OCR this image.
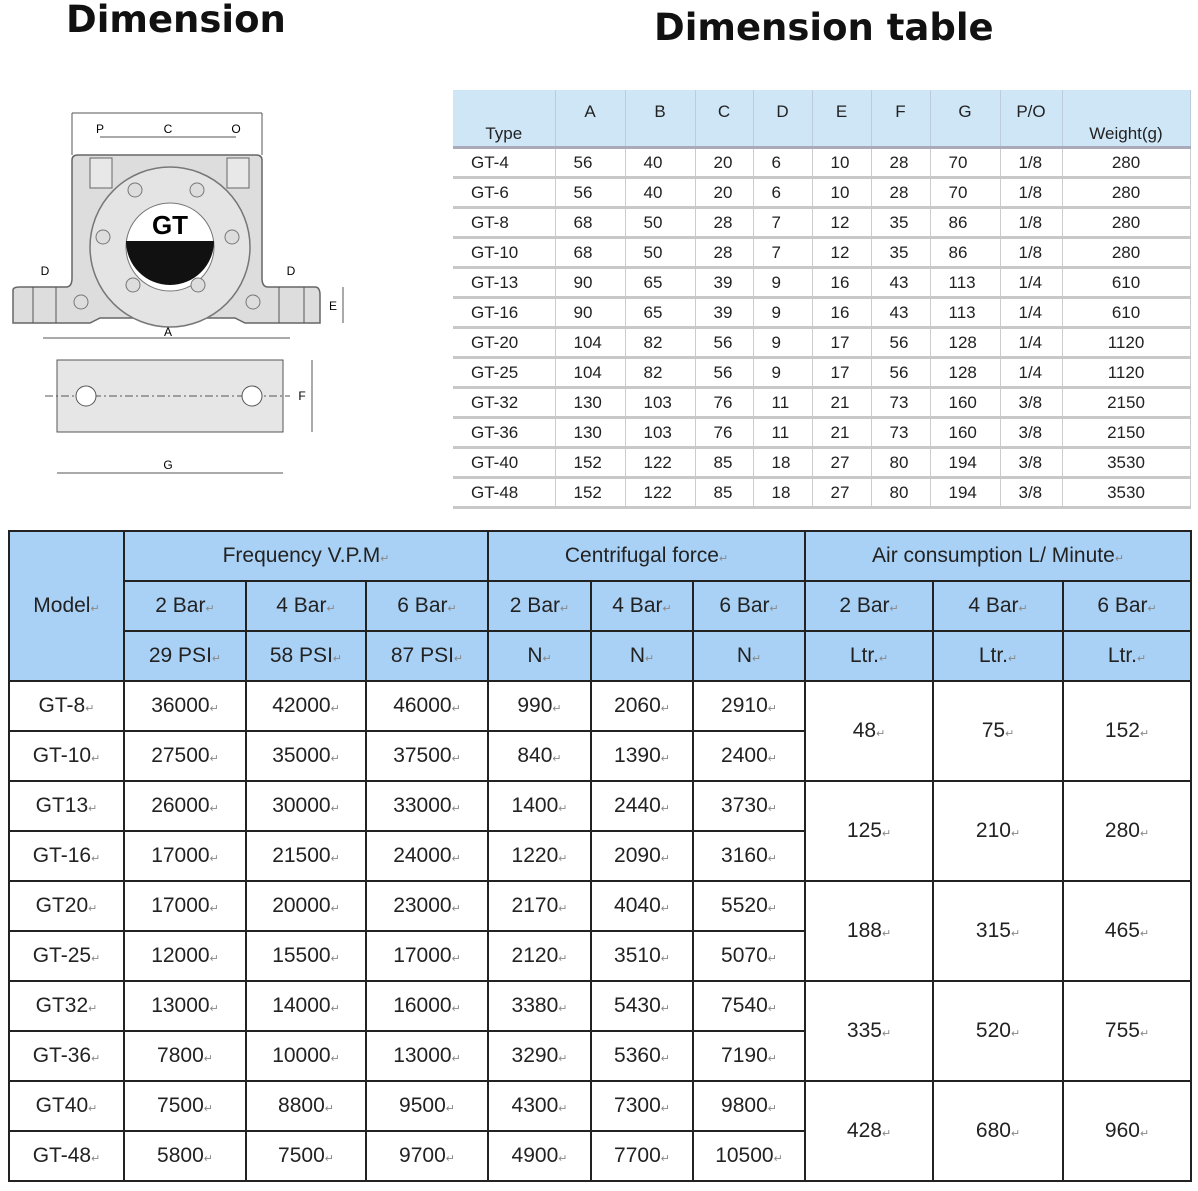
Dimension	Dimension table
GT
P	C	O
D	D
E
A
F
G
Type	A	B	C	D	E	F	G	P/O	Weight(g)
GT-4	56	40	20	6	10	28	70	1/8	280
GT-6	56	40	20	6	10	28	70	1/8	280
GT-8	68	50	28	7	12	35	86	1/8	280
GT-10	68	50	28	7	12	35	86	1/8	280
GT-13	90	65	39	9	16	43	113	1/4	610
GT-16	90	65	39	9	16	43	113	1/4	610
GT-20	104	82	56	9	17	56	128	1/4	1120
GT-25	104	82	56	9	17	56	128	1/4	1120
GT-32	130	103	76	11	21	73	160	3/8	2150
GT-36	130	103	76	11	21	73	160	3/8	2150
GT-40	152	122	85	18	27	80	194	3/8	3530
GT-48	152	122	85	18	27	80	194	3/8	3530
Model ↵	Frequency V.P.M ↵			Centrifugal force ↵			Air consumption L/ Minute ↵
	2 Bar ↵	4 Bar ↵	6 Bar ↵	2 Bar ↵	4 Bar ↵	6 Bar ↵	2 Bar ↵	4 Bar ↵	6 Bar ↵
	29 PSI ↵	58 PSI ↵	87 PSI ↵	N ↵	N ↵	N ↵	Ltr. ↵	Ltr. ↵	Ltr. ↵
GT-8 ↵	36000 ↵	42000 ↵	46000 ↵	990 ↵	2060 ↵	2910 ↵	48 ↵	75 ↵	152 ↵
GT-10 ↵	27500 ↵	35000 ↵	37500 ↵	840 ↵	1390 ↵	2400 ↵
GT13 ↵	26000 ↵	30000 ↵	33000 ↵	1400 ↵	2440 ↵	3730 ↵	125 ↵	210 ↵	280 ↵
GT-16 ↵	17000 ↵	21500 ↵	24000 ↵	1220 ↵	2090 ↵	3160 ↵
GT20 ↵	17000 ↵	20000 ↵	23000 ↵	2170 ↵	4040 ↵	5520 ↵	188 ↵	315 ↵	465 ↵
GT-25 ↵	12000 ↵	15500 ↵	17000 ↵	2120 ↵	3510 ↵	5070 ↵
GT32 ↵	13000 ↵	14000 ↵	16000 ↵	3380 ↵	5430 ↵	7540 ↵	335 ↵	520 ↵	755 ↵
GT-36 ↵	7800 ↵	10000 ↵	13000 ↵	3290 ↵	5360 ↵	7190 ↵
GT40 ↵	7500 ↵	8800 ↵	9500 ↵	4300 ↵	7300 ↵	9800 ↵	428 ↵	680 ↵	960 ↵
GT-48 ↵	5800 ↵	7500 ↵	9700 ↵	4900 ↵	7700 ↵	10500 ↵
